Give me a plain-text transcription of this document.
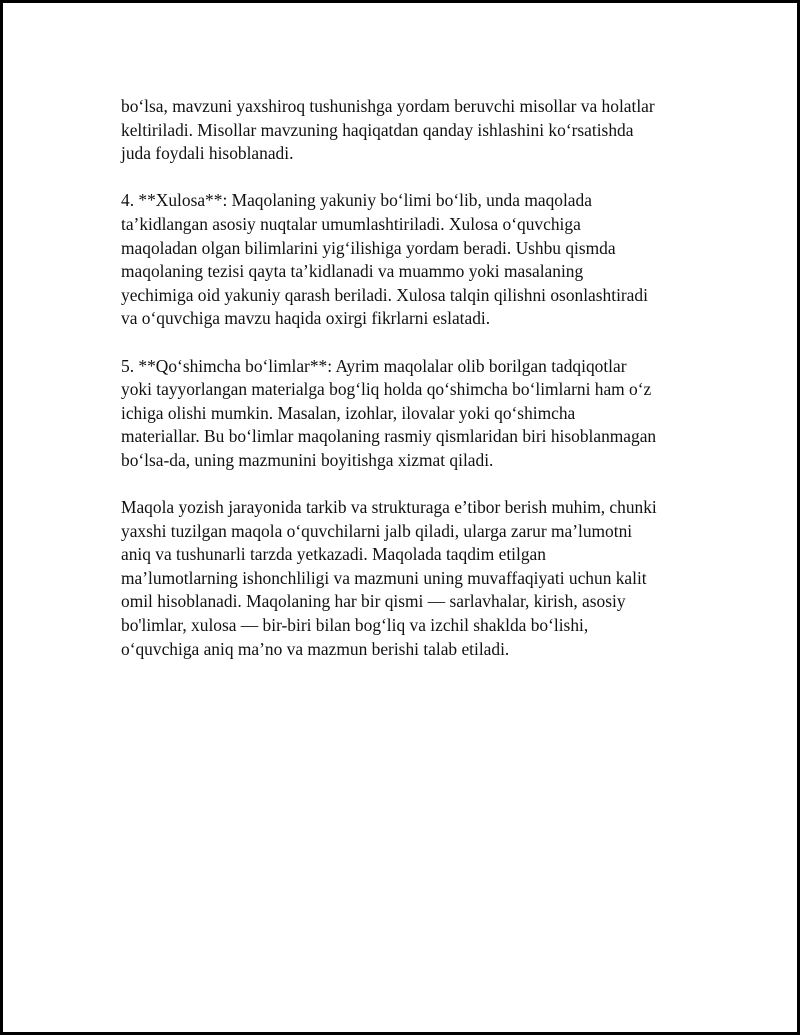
bo‘lsa, mavzuni yaxshiroq tushunishga yordam beruvchi misollar va holatlar
keltiriladi. Misollar mavzuning haqiqatdan qanday ishlashini ko‘rsatishda
juda foydali hisoblanadi.

4. **Xulosa**: Maqolaning yakuniy bo‘limi bo‘lib, unda maqolada
ta’kidlangan asosiy nuqtalar umumlashtiriladi. Xulosa o‘quvchiga
maqoladan olgan bilimlarini yig‘ilishiga yordam beradi. Ushbu qismda
maqolaning tezisi qayta ta’kidlanadi va muammo yoki masalaning
yechimiga oid yakuniy qarash beriladi. Xulosa talqin qilishni osonlashtiradi
va o‘quvchiga mavzu haqida oxirgi fikrlarni eslatadi.

5. **Qo‘shimcha bo‘limlar**: Ayrim maqolalar olib borilgan tadqiqotlar
yoki tayyorlangan materialga bog‘liq holda qo‘shimcha bo‘limlarni ham o‘z
ichiga olishi mumkin. Masalan, izohlar, ilovalar yoki qo‘shimcha
materiallar. Bu bo‘limlar maqolaning rasmiy qismlaridan biri hisoblanmagan
bo‘lsa-da, uning mazmunini boyitishga xizmat qiladi.

Maqola yozish jarayonida tarkib va strukturaga e’tibor berish muhim, chunki
yaxshi tuzilgan maqola o‘quvchilarni jalb qiladi, ularga zarur ma’lumotni
aniq va tushunarli tarzda yetkazadi. Maqolada taqdim etilgan
ma’lumotlarning ishonchliligi va mazmuni uning muvaffaqiyati uchun kalit
omil hisoblanadi. Maqolaning har bir qismi — sarlavhalar, kirish, asosiy
bo'limlar, xulosa — bir-biri bilan bog‘liq va izchil shaklda bo‘lishi,
o‘quvchiga aniq ma’no va mazmun berishi talab etiladi.
